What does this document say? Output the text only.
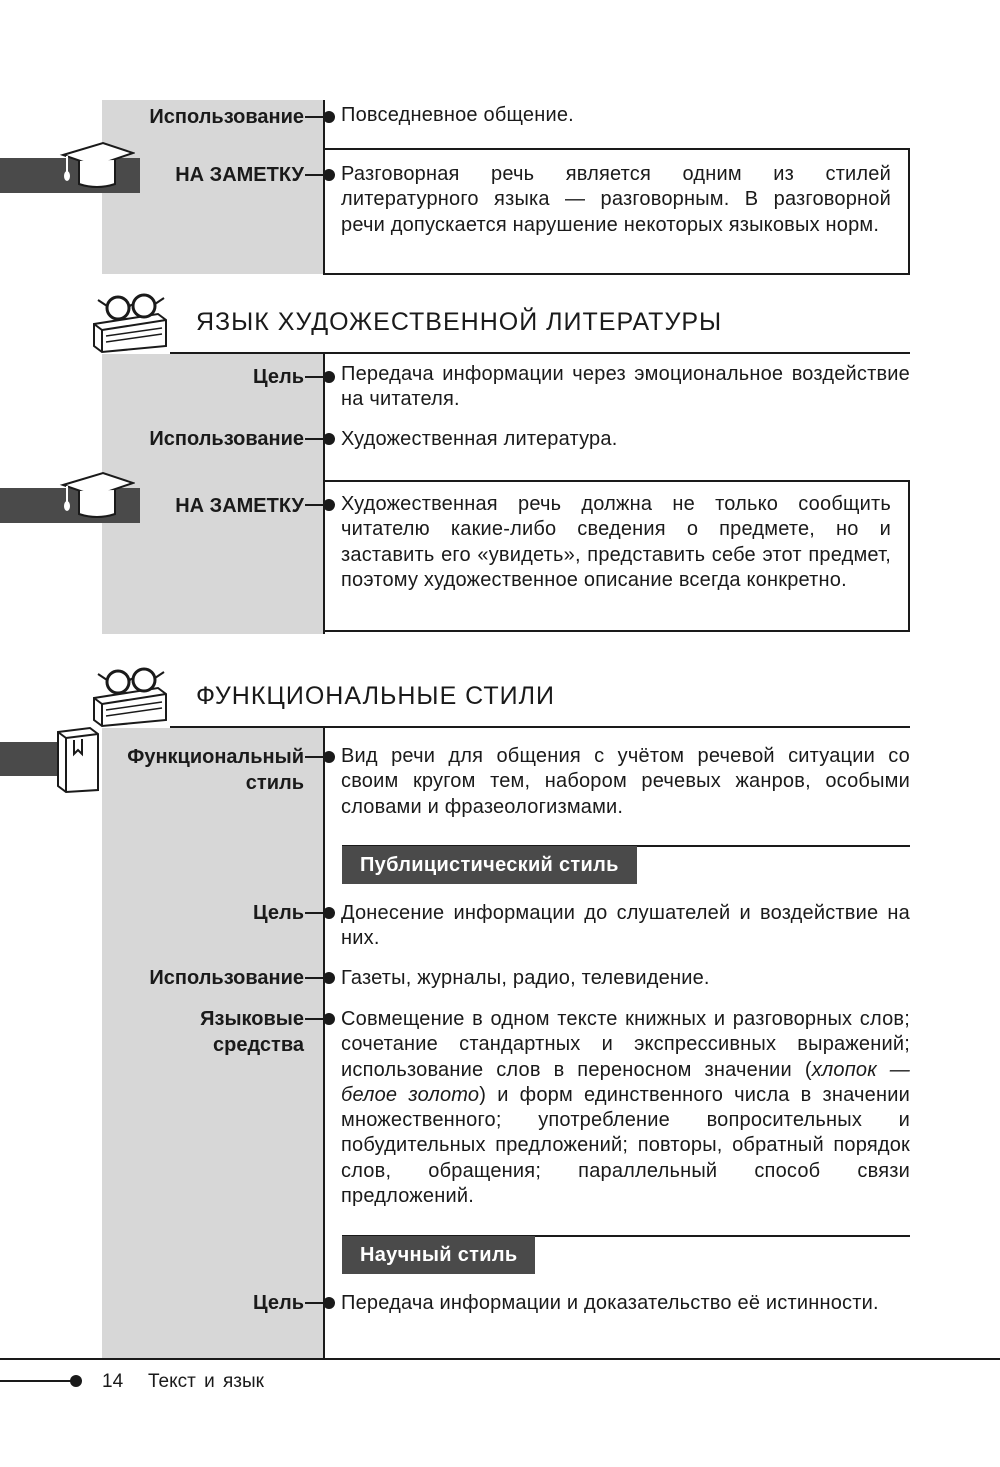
Использование Повседневное общение.
НА ЗАМЕТКУ Разговорная речь является одним из стилей литературного языка — разговорным. В разговорной речи допускается нарушение некоторых языковых норм.
ЯЗЫК ХУДОЖЕСТВЕННОЙ ЛИТЕРАТУРЫ
Цель Передача информации через эмоциональное воздействие на читателя.
Использование Художественная литература.
НА ЗАМЕТКУ Художественная речь должна не только сообщить читателю какие-либо сведения о предмете, но и заставить его «увидеть», представить себе этот предмет, поэтому художественное описание всегда конкретно.
ФУНКЦИОНАЛЬНЫЕ СТИЛИ
Функциональный
стиль
Вид речи для общения с учётом речевой ситуации со своим кругом тем, набором речевых жанров, особыми словами и фразеологизмами.
Публицистический стиль
Цель Донесение информации до слушателей и воздействие на них.
Использование Газеты, журналы, радио, телевидение.
Языковые
средства
Совмещение в одном тексте книжных и разговорных слов; сочетание стандартных и экспрессивных выражений; использование слов в переносном значении (хлопок — белое золото) и форм единственного числа в значении множественного; употребление вопросительных и побудительных предложений; повторы, обратный порядок слов, обращения; параллельный способ связи предложений.
Научный стиль
Цель Передача информации и доказательство её истинности.
14 Текст и язык
